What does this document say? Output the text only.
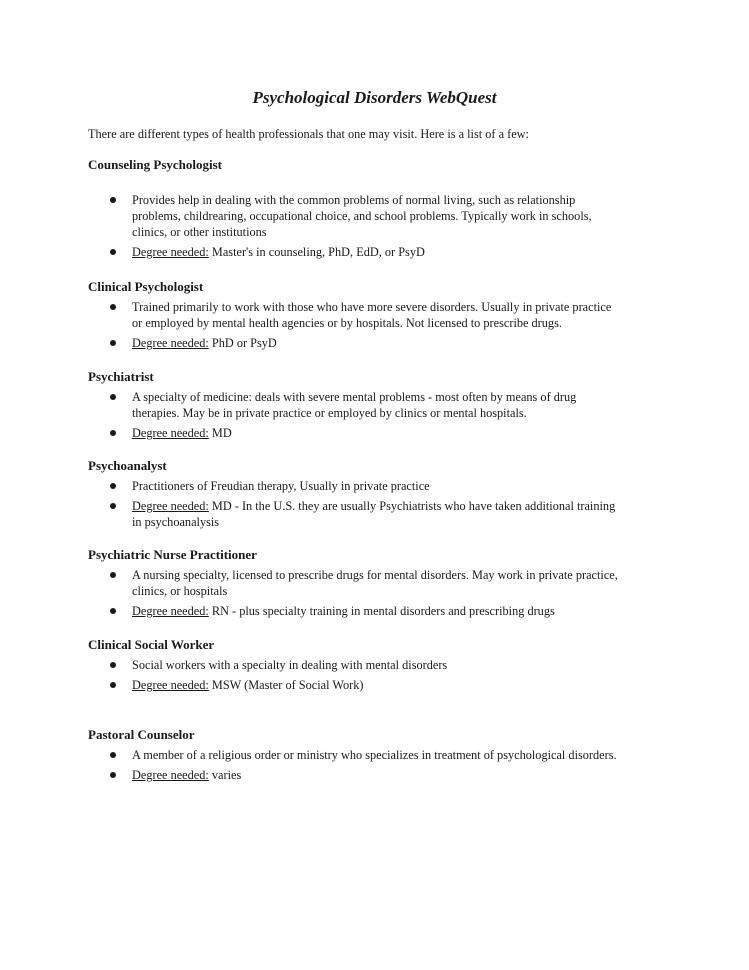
Psychological Disorders WebQuest

There are different types of health professionals that one may visit. Here is a list of a few:

Counseling Psychologist
Provides help in dealing with the common problems of normal living, such as relationship
problems, childrearing, occupational choice, and school problems. Typically work in schools,
clinics, or other institutions
Degree needed: Master's in counseling, PhD, EdD, or PsyD
Clinical Psychologist
Trained primarily to work with those who have more severe disorders. Usually in private practice
or employed by mental health agencies or by hospitals. Not licensed to prescribe drugs.
Degree needed: PhD or PsyD
Psychiatrist
A specialty of medicine: deals with severe mental problems - most often by means of drug
therapies. May be in private practice or employed by clinics or mental hospitals.
Degree needed: MD
Psychoanalyst
Practitioners of Freudian therapy, Usually in private practice
Degree needed: MD - In the U.S. they are usually Psychiatrists who have taken additional training
in psychoanalysis
Psychiatric Nurse Practitioner
A nursing specialty, licensed to prescribe drugs for mental disorders. May work in private practice,
clinics, or hospitals
Degree needed: RN - plus specialty training in mental disorders and prescribing drugs
Clinical Social Worker
Social workers with a specialty in dealing with mental disorders
Degree needed: MSW (Master of Social Work)
Pastoral Counselor
A member of a religious order or ministry who specializes in treatment of psychological disorders.
Degree needed: varies
